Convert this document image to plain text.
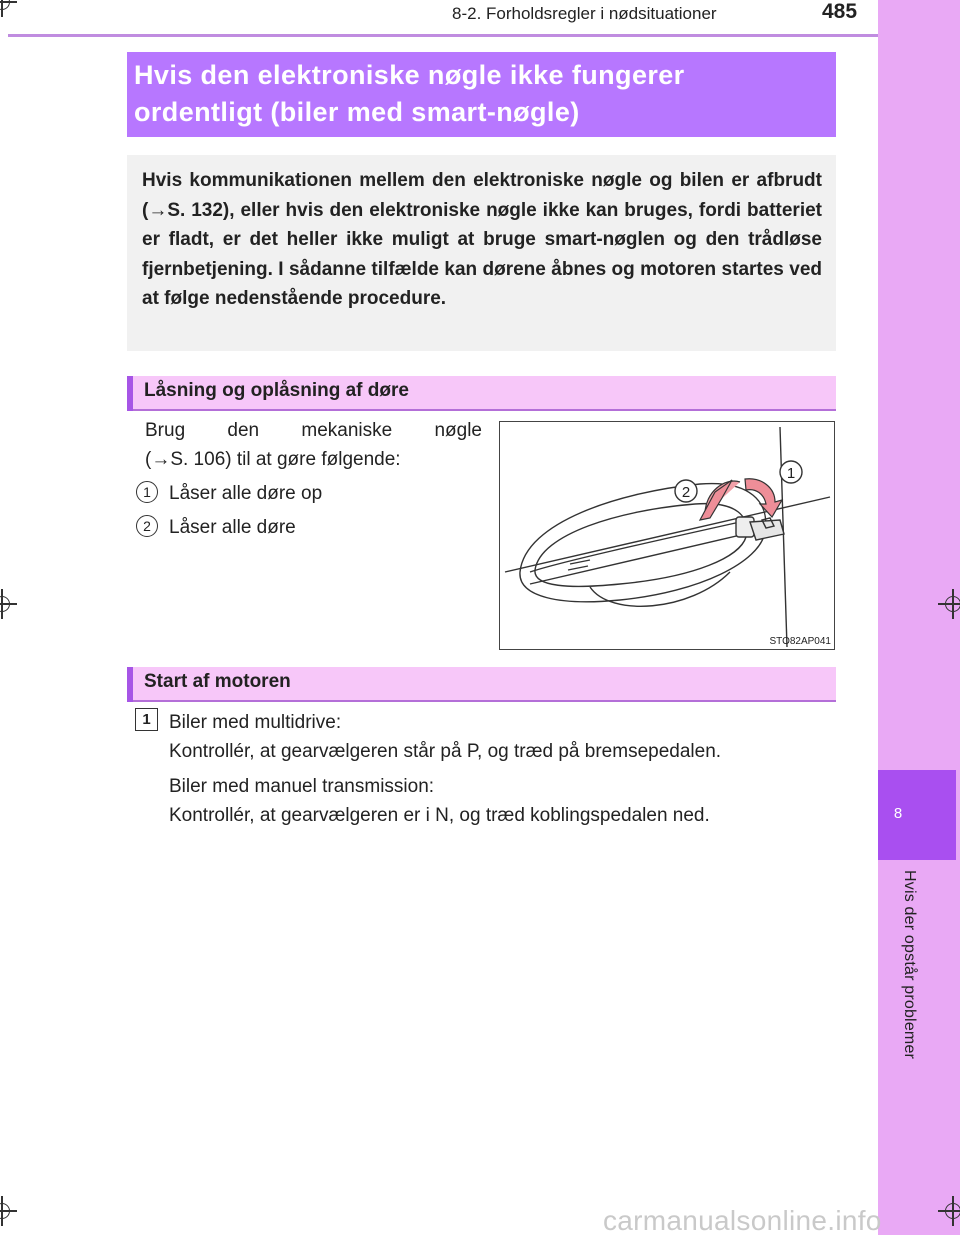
8-2. Forholdsregler i nødsituationer	485
8
Hvis der opstår problemer
Hvis den elektroniske nøgle ikke fungerer
ordentligt (biler med smart-nøgle)
Hvis kommunikationen mellem den elektroniske nøgle og bilen er afbrudt (→S. 132), eller hvis den elektroniske nøgle ikke kan bruges, fordi batteriet er fladt, er det heller ikke muligt at bruge smart-nøglen og den trådløse fjernbetjening. I sådanne tilfælde kan dørene åbnes og motoren startes ved at følge nedenstående procedure.
Låsning og oplåsning af døre
Brug den mekaniske nøgle
(→S. 106) til at gøre følgende:
1 Låser alle døre op
2 Låser alle døre
1
2
STO82AP041
Start af motoren
1 Biler med multidrive:
Kontrollér, at gearvælgeren står på P, og træd på bremsepedalen.

Biler med manuel transmission:
Kontrollér, at gearvælgeren er i N, og træd koblingspedalen ned.

carmanualsonline.info
